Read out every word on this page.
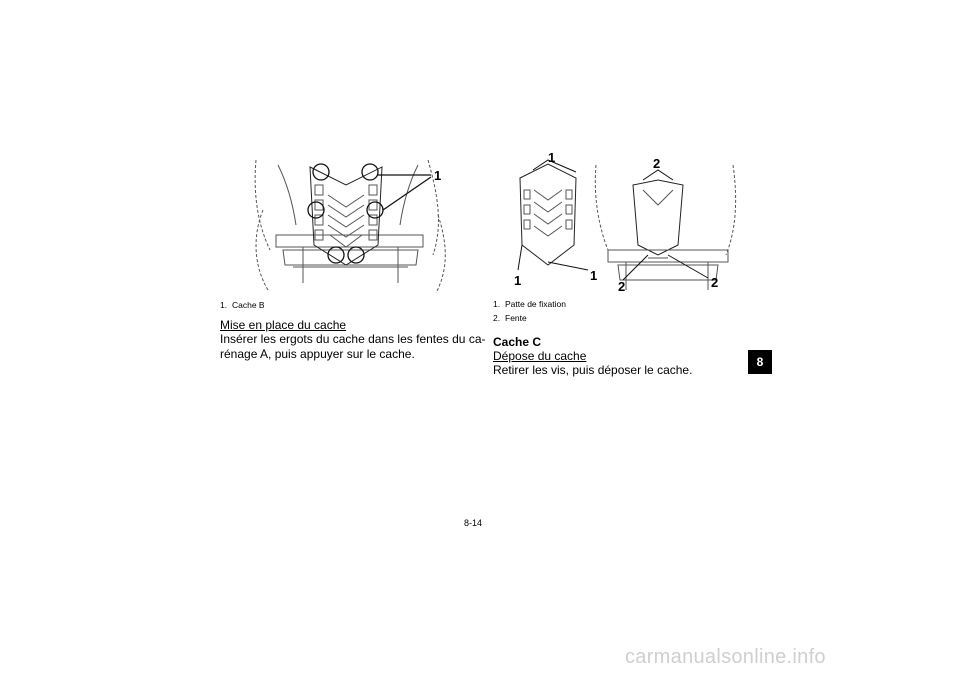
1
1	2
1	1
2	2
1. Cache B
Mise en place du cache
Insérer les ergots du cache dans les fentes du ca-
rénage A, puis appuyer sur le cache.
1. Patte de fixation
2. Fente
Cache C
Dépose du cache
Retirer les vis, puis déposer le cache.
8
8-14
carmanualsonline.info
